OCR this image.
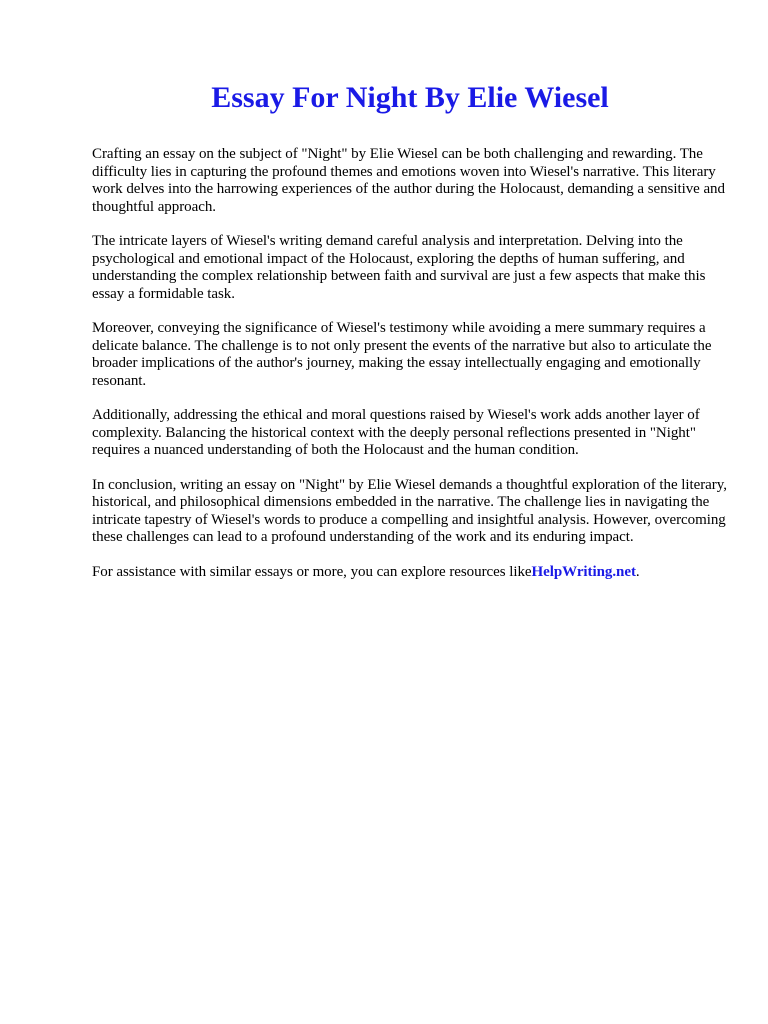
Essay For Night By Elie Wiesel

Crafting an essay on the subject of "Night" by Elie Wiesel can be both challenging and rewarding. The difficulty lies in capturing the profound themes and emotions woven into Wiesel's narrative. This literary work delves into the harrowing experiences of the author during the Holocaust, demanding a sensitive and thoughtful approach.

The intricate layers of Wiesel's writing demand careful analysis and interpretation. Delving into the psychological and emotional impact of the Holocaust, exploring the depths of human suffering, and understanding the complex relationship between faith and survival are just a few aspects that make this essay a formidable task.

Moreover, conveying the significance of Wiesel's testimony while avoiding a mere summary requires a delicate balance. The challenge is to not only present the events of the narrative but also to articulate the broader implications of the author's journey, making the essay intellectually engaging and emotionally resonant.

Additionally, addressing the ethical and moral questions raised by Wiesel's work adds another layer of complexity. Balancing the historical context with the deeply personal reflections presented in "Night" requires a nuanced understanding of both the Holocaust and the human condition.

In conclusion, writing an essay on "Night" by Elie Wiesel demands a thoughtful exploration of the literary, historical, and philosophical dimensions embedded in the narrative. The challenge lies in navigating the intricate tapestry of Wiesel's words to produce a compelling and insightful analysis. However, overcoming these challenges can lead to a profound understanding of the work and its enduring impact.

For assistance with similar essays or more, you can explore resources likeHelpWriting.net.
